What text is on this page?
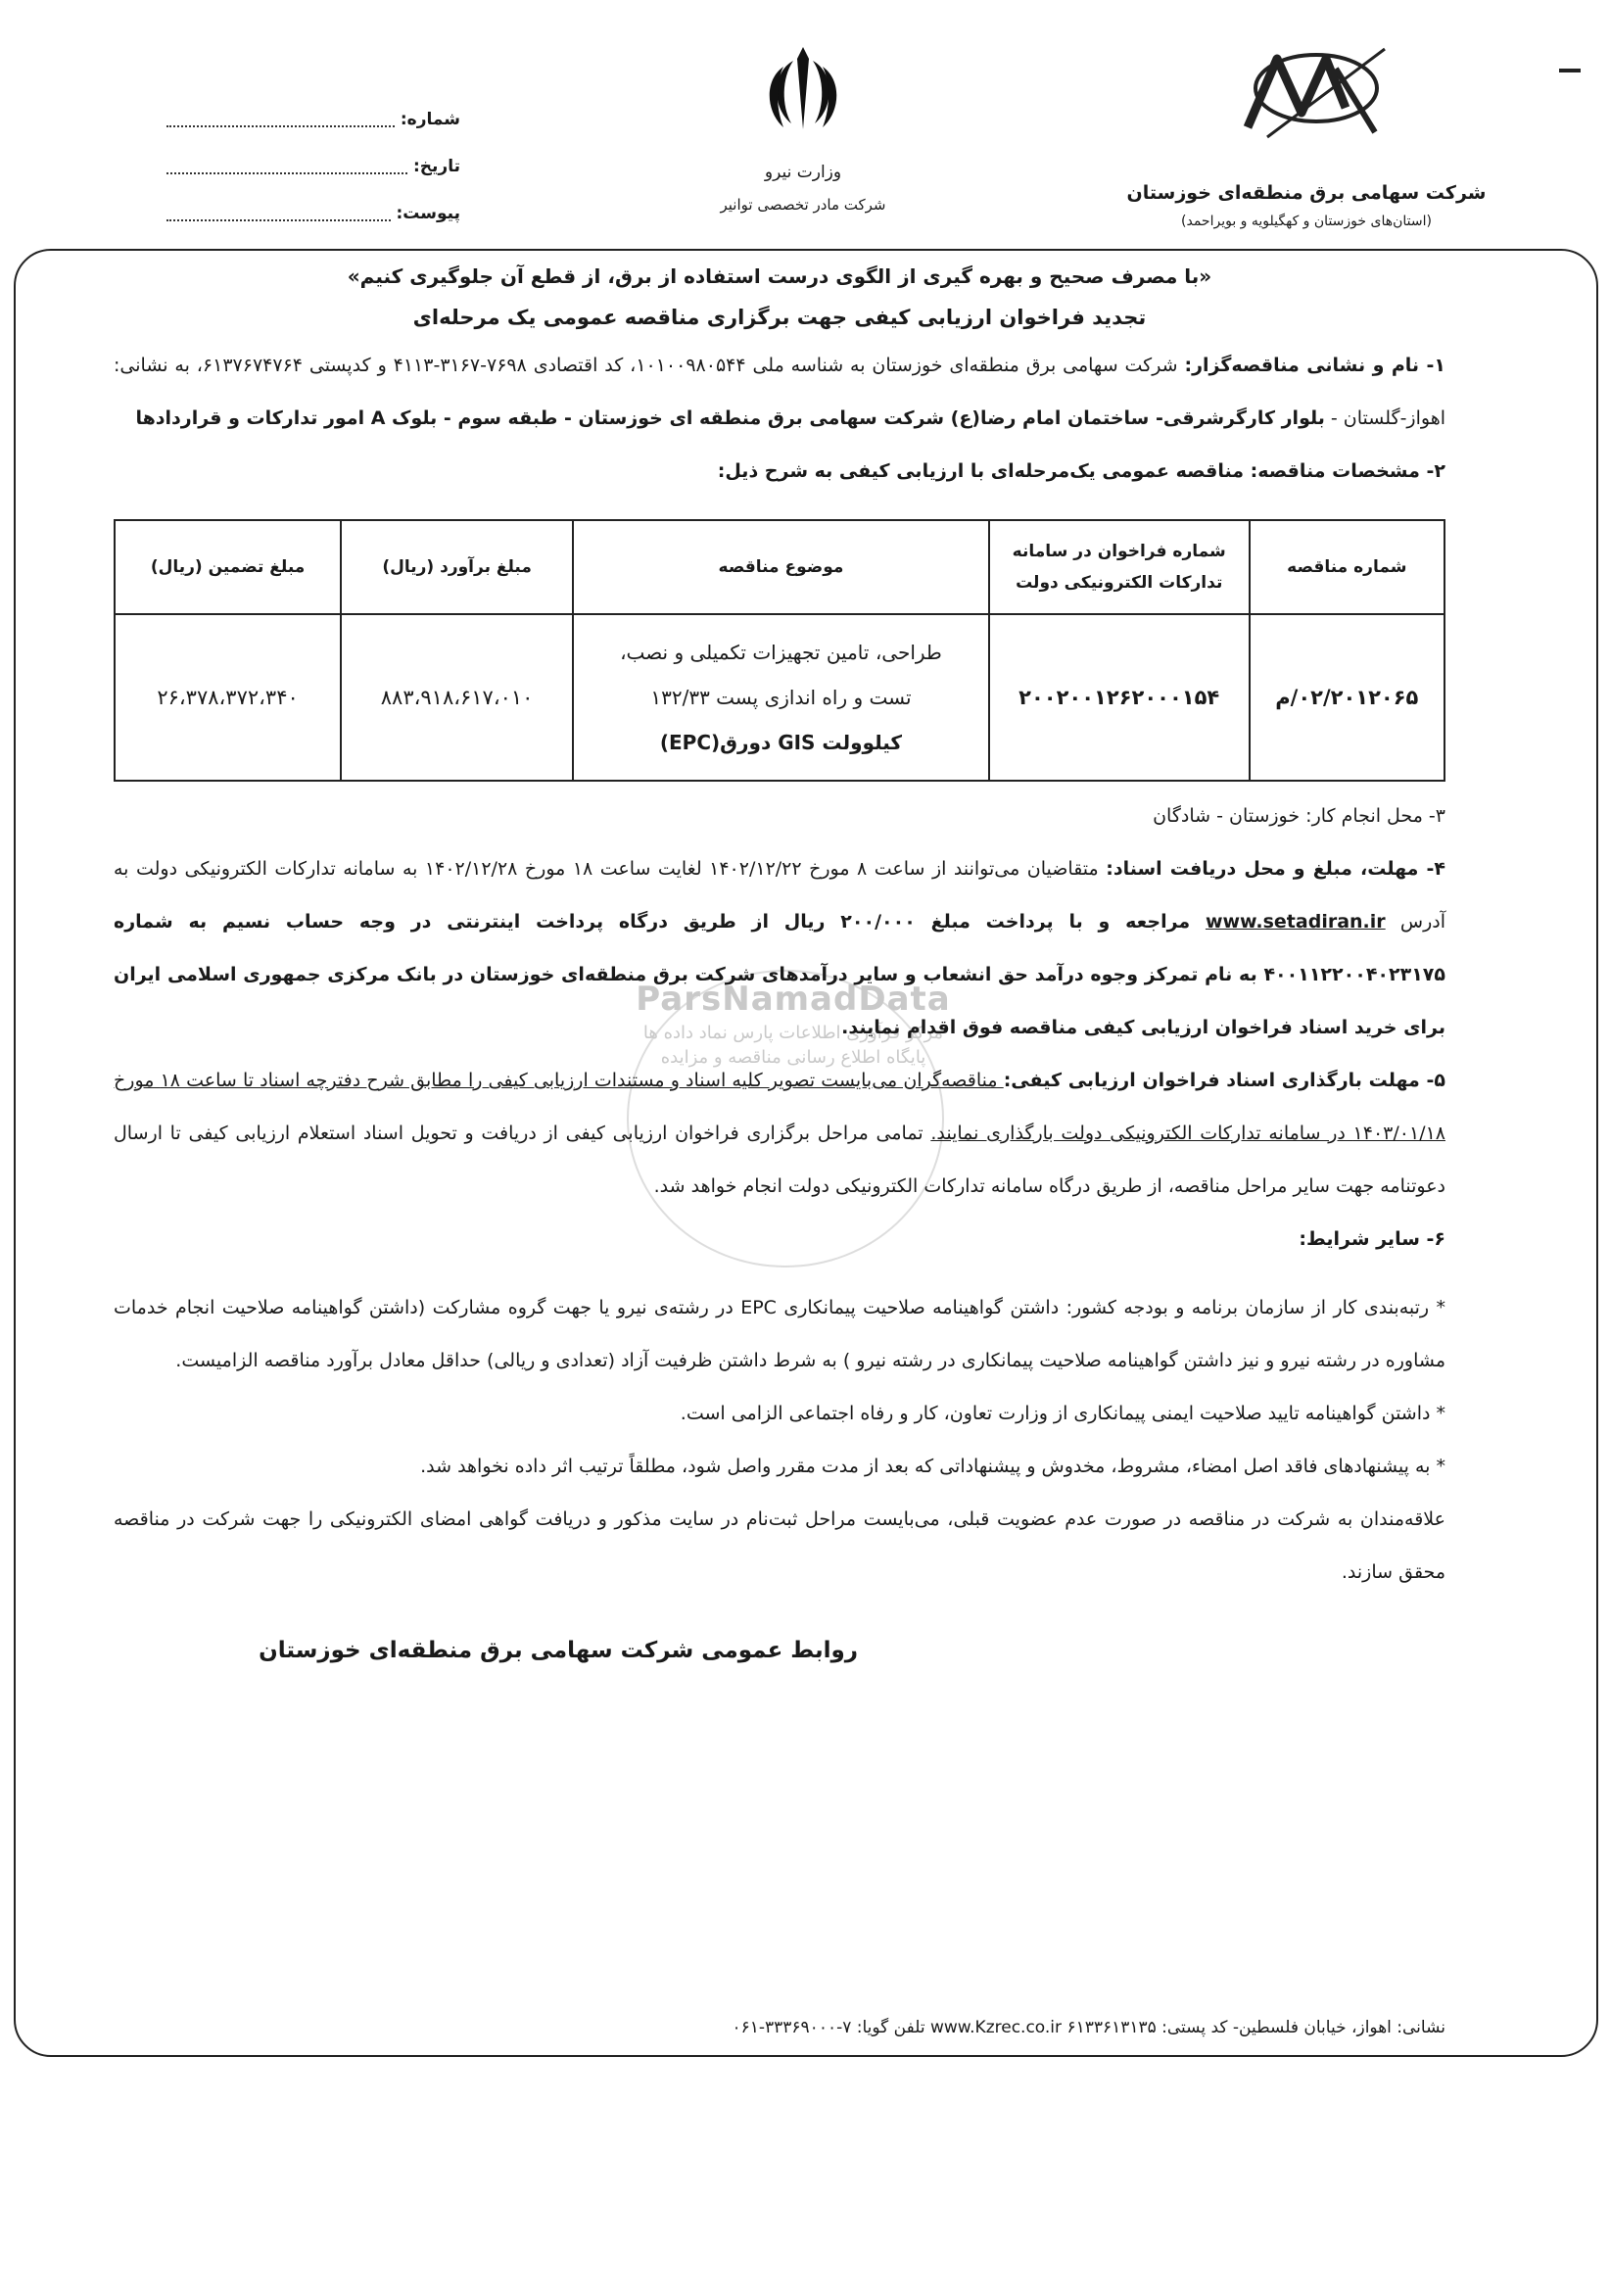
ParsNamadData
مرکز فرآوری اطلاعات پارس نماد داده ها
پایگاه اطلاع رسانی مناقصه و مزایده
شرکت سهامی برق منطقه‌ای خوزستان
(استان‌های خوزستان و کهگیلویه و بویراحمد)
وزارت نیرو
شرکت مادر تخصصی توانیر
شماره:
تاریخ:
پیوست:
«با مصرف صحیح و بهره گیری از الگوی درست استفاده از برق، از قطع آن جلوگیری کنیم»
تجدید فراخوان ارزیابی کیفی جهت برگزاری مناقصه عمومی یک مرحله‌ای

۱- نام و نشانی مناقصه‌گزار: شرکت سهامی برق منطقه‌ای خوزستان به شناسه ملی ۱۰۱۰۰۹۸۰۵۴۴، کد اقتصادی ۷۶۹۸-۳۱۶۷-۴۱۱۳ و کدپستی ۶۱۳۷۶۷۴۷۶۴، به نشانی: اهواز-گلستان - بلوار کارگرشرقی- ساختمان امام رضا(ع) شرکت سهامی برق منطقه ای خوزستان - طبقه سوم - بلوک A امور تدارکات و قراردادها

۲- مشخصات مناقصه: مناقصه عمومی یک‌مرحله‌ای با ارزیابی کیفی به شرح ذیل:

شماره مناقصه	شماره فراخوان در سامانه تدارکات الکترونیکی دولت	موضوع مناقصه	مبلغ برآورد (ریال)	مبلغ تضمین (ریال)
۰۲/۲۰۱۲۰۶۵/م	۲۰۰۲۰۰۱۲۶۲۰۰۰۱۵۴	طراحی، تامین تجهیزات تکمیلی و نصب،
تست و راه اندازی پست ۱۳۲/۳۳
کیلوولت GIS دورق(EPC)	۸۸۳،۹۱۸،۶۱۷،۰۱۰	۲۶،۳۷۸،۳۷۲،۳۴۰

۳- محل انجام کار: خوزستان - شادگان

۴- مهلت، مبلغ و محل دریافت اسناد: متقاضیان می‌توانند از ساعت ۸ مورخ ۱۴۰۲/۱۲/۲۲ لغایت ساعت ۱۸ مورخ ۱۴۰۲/۱۲/۲۸ به سامانه تدارکات الکترونیکی دولت به آدرس www.setadiran.ir مراجعه و با پرداخت مبلغ ۲۰۰/۰۰۰ ریال از طریق درگاه پرداخت اینترنتی در وجه حساب نسیم به شماره ۴۰۰۱۱۲۲۰۰۴۰۲۳۱۷۵ به نام تمرکز وجوه درآمد حق انشعاب و سایر درآمدهای شرکت برق منطقه‌ای خوزستان در بانک مرکزی جمهوری اسلامی ایران برای خرید اسناد فراخوان ارزیابی کیفی مناقصه فوق اقدام نمایند.

۵- مهلت بارگذاری اسناد فراخوان ارزیابی کیفی: مناقصه‌گران می‌بایست تصویر کلیه اسناد و مستندات ارزیابی کیفی را مطابق شرح دفترچه اسناد تا ساعت ۱۸ مورخ ۱۴۰۳/۰۱/۱۸ در سامانه تدارکات الکترونیکی دولت بارگذاری نمایند. تمامی مراحل برگزاری فراخوان ارزیابی کیفی از دریافت و تحویل اسناد استعلام ارزیابی کیفی تا ارسال دعوتنامه جهت سایر مراحل مناقصه، از طریق درگاه سامانه تدارکات الکترونیکی دولت انجام خواهد شد.

۶- سایر شرایط:

* رتبه‌بندی کار از سازمان برنامه و بودجه کشور: داشتن گواهینامه صلاحیت پیمانکاری EPC در رشته‌ی نیرو یا جهت گروه مشارکت (داشتن گواهینامه صلاحیت انجام خدمات مشاوره در رشته نیرو و نیز داشتن گواهینامه صلاحیت پیمانکاری در رشته نیرو ) به شرط داشتن ظرفیت آزاد (تعدادی و ریالی) حداقل معادل برآورد مناقصه الزامیست.

* داشتن گواهینامه تایید صلاحیت ایمنی پیمانکاری از وزارت تعاون، کار و رفاه اجتماعی الزامی است.

* به پیشنهادهای فاقد اصل امضاء، مشروط، مخدوش و پیشنهاداتی که بعد از مدت مقرر واصل شود، مطلقاً ترتیب اثر داده نخواهد شد.

علاقه‌مندان به شرکت در مناقصه در صورت عدم عضویت قبلی، می‌بایست مراحل ثبت‌نام در سایت مذکور و دریافت گواهی امضای الکترونیکی را جهت شرکت در مناقصه محقق سازند.

روابط عمومی شرکت سهامی برق منطقه‌ای خوزستان
نشانی: اهواز، خیابان فلسطین- کد پستی: ۶۱۳۳۶۱۳۱۳۵ www.Kzrec.co.ir تلفن گویا: ۷-۳۳۳۶۹۰۰۰-۰۶۱
